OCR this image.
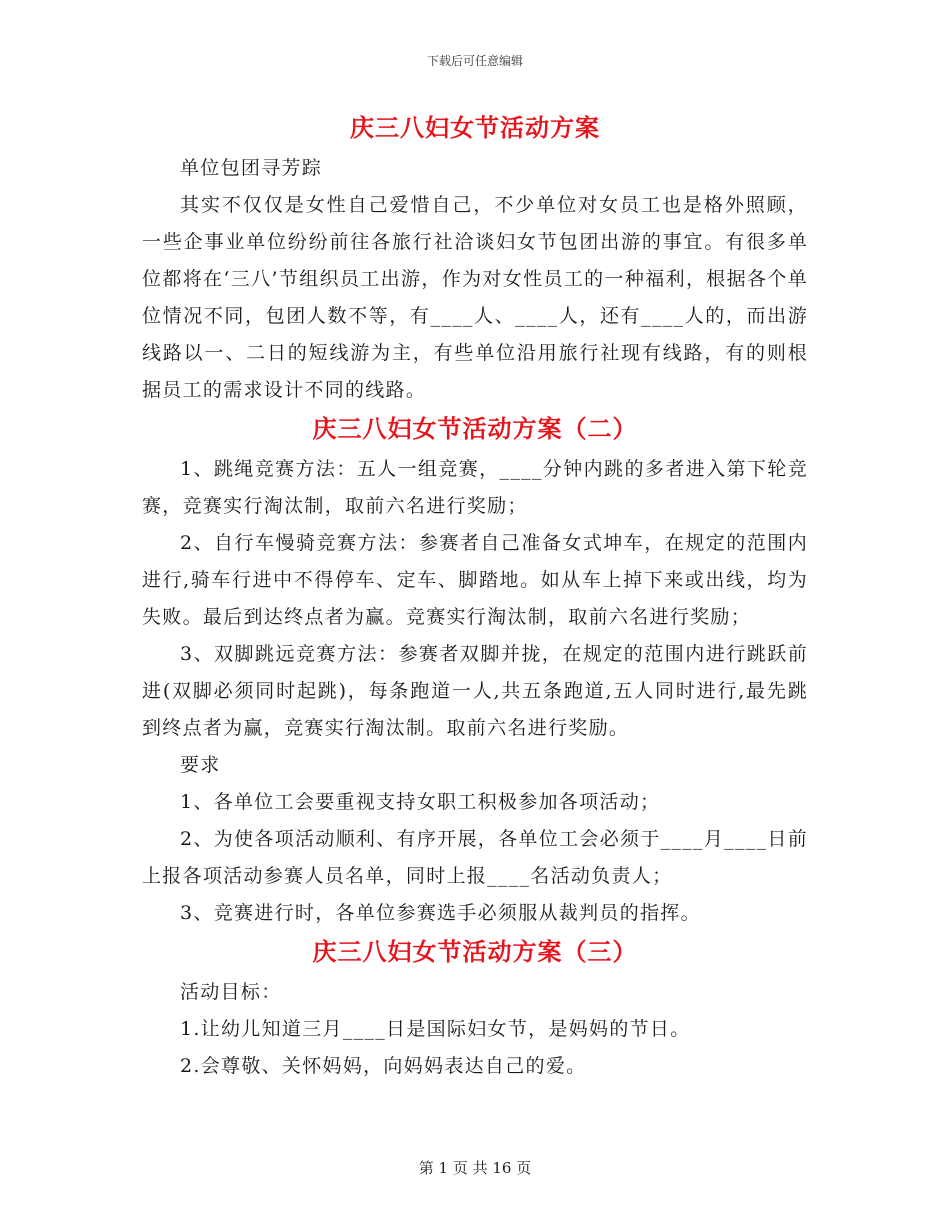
下载后可任意编辑
庆三八妇女节活动方案

单位包团寻芳踪

其实不仅仅是女性自己爱惜自己，不少单位对女员工也是格外照顾，一些企事业单位纷纷前往各旅行社洽谈妇女节包团出游的事宜。有很多单位都将在‘三八’节组织员工出游，作为对女性员工的一种福利，根据各个单位情况不同，包团人数不等，有____人、____人，还有____人的，而出游线路以一、二日的短线游为主，有些单位沿用旅行社现有线路，有的则根据员工的需求设计不同的线路。

庆三八妇女节活动方案（二）

1、跳绳竞赛方法：五人一组竞赛，____分钟内跳的多者进入第下轮竞赛，竞赛实行淘汰制，取前六名进行奖励；

2、自行车慢骑竞赛方法：参赛者自己准备女式坤车，在规定的范围内进行,骑车行进中不得停车、定车、脚踏地。如从车上掉下来或出线，均为失败。最后到达终点者为赢。竞赛实行淘汰制，取前六名进行奖励；

3、双脚跳远竞赛方法：参赛者双脚并拢，在规定的范围内进行跳跃前进(双脚必须同时起跳)，每条跑道一人,共五条跑道,五人同时进行,最先跳到终点者为赢，竞赛实行淘汰制。取前六名进行奖励。

要求

1、各单位工会要重视支持女职工积极参加各项活动；

2、为使各项活动顺利、有序开展，各单位工会必须于____月____日前上报各项活动参赛人员名单，同时上报____名活动负责人；

3、竞赛进行时，各单位参赛选手必须服从裁判员的指挥。

庆三八妇女节活动方案（三）

活动目标：

1.让幼儿知道三月____日是国际妇女节，是妈妈的节日。

2.会尊敬、关怀妈妈，向妈妈表达自己的爱。

第 1 页 共 16 页
